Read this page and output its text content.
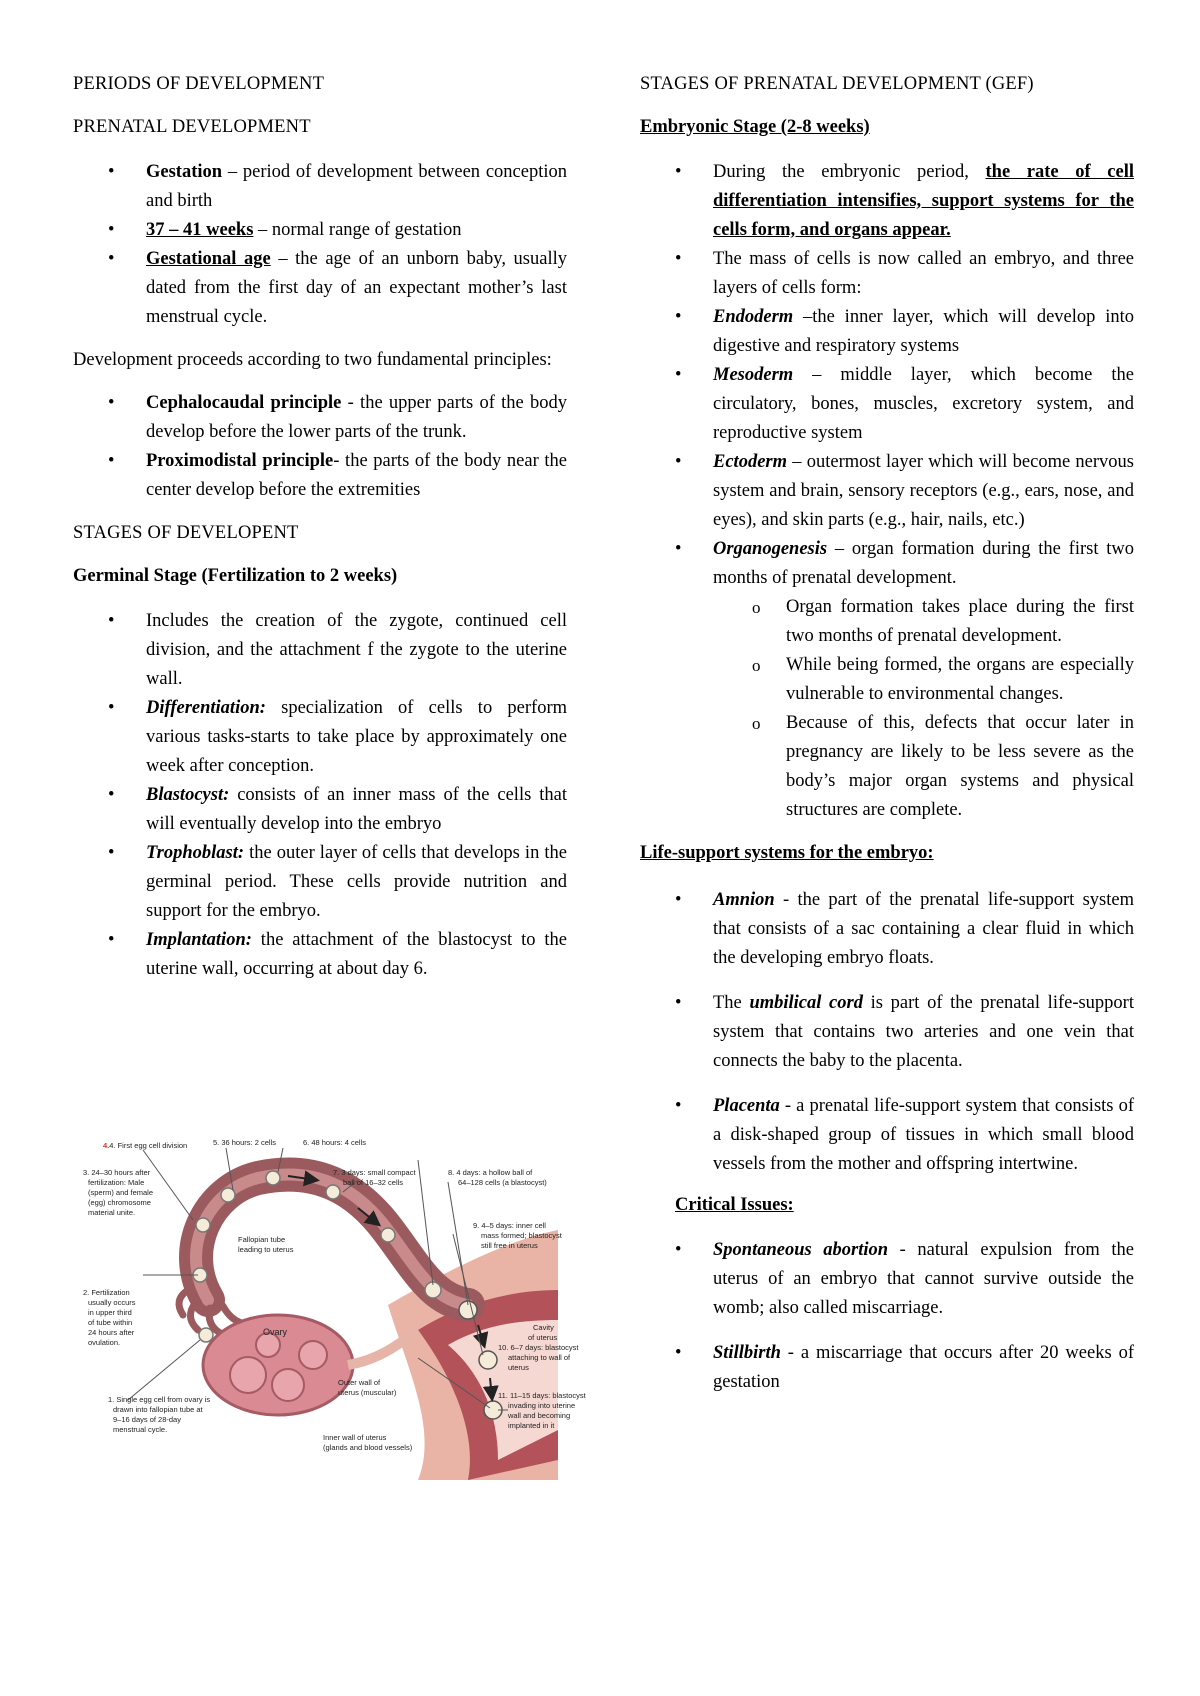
PERIODS OF DEVELOPMENT
PRENATAL DEVELOPMENT
• Gestation – period of development between conception and birth
• 37 – 41 weeks – normal range of gestation
• Gestational age – the age of an unborn baby, usually dated from the first day of an expectant mother’s last menstrual cycle.

Development proceeds according to two fundamental principles:

• Cephalocaudal principle - the upper parts of the body develop before the lower parts of the trunk.
• Proximodistal principle- the parts of the body near the center develop before the extremities
STAGES OF DEVELOPENT
Germinal Stage (Fertilization to 2 weeks)
• Includes the creation of the zygote, continued cell division, and the attachment f the zygote to the uterine wall.
• Differentiation: specialization of cells to perform various tasks-starts to take place by approximately one week after conception.
• Blastocyst: consists of an inner mass of the cells that will eventually develop into the embryo
• Trophoblast: the outer layer of cells that develops in the germinal period. These cells provide nutrition and support for the embryo.
• Implantation: the attachment of the blastocyst to the uterine wall, occurring at about day 6.
4.4. First egg cell division	5. 36 hours: 2 cells	6. 48 hours: 4 cells
3. 24–30 hours after
fertilization: Male
(sperm) and female
(egg) chromosome
material unite.
7. 3 days: small compact
ball of 16–32 cells
8. 4 days: a hollow ball of
64–128 cells (a blastocyst)
9. 4–5 days: inner cell
mass formed; blastocyst
still free in uterus
Fallopian tube
leading to uterus
2. Fertilization
usually occurs
in upper third
of tube within
24 hours after
ovulation.
Ovary	Cavity
of uterus
10. 6–7 days: blastocyst
attaching to wall of
uterus
Outer wall of
uterus (muscular)	11. 11–15 days: blastocyst
invading into uterine
wall and becoming
implanted in it
1. Single egg cell from ovary is
drawn into fallopian tube at
9–16 days of 28-day
menstrual cycle.
Inner wall of uterus
(glands and blood vessels)
STAGES OF PRENATAL DEVELOPMENT (GEF)
Embryonic Stage (2-8 weeks)
• During the embryonic period, the rate of cell differentiation intensifies, support systems for the cells form, and organs appear.
• The mass of cells is now called an embryo, and three layers of cells form:
• Endoderm –the inner layer, which will develop into digestive and respiratory systems
• Mesoderm – middle layer, which become the circulatory, bones, muscles, excretory system, and reproductive system
• Ectoderm – outermost layer which will become nervous system and brain, sensory receptors (e.g., ears, nose, and eyes), and skin parts (e.g., hair, nails, etc.)
• Organogenesis – organ formation during the first two months of prenatal development.
o Organ formation takes place during the first two months of prenatal development.
o While being formed, the organs are especially vulnerable to environmental changes.
o Because of this, defects that occur later in pregnancy are likely to be less severe as the body’s major organ systems and physical structures are complete.
Life-support systems for the embryo:
• Amnion - the part of the prenatal life-support system that consists of a sac containing a clear fluid in which the developing embryo floats.
• The umbilical cord is part of the prenatal life-support system that contains two arteries and one vein that connects the baby to the placenta.
• Placenta - a prenatal life-support system that consists of a disk-shaped group of tissues in which small blood vessels from the mother and offspring intertwine.
Critical Issues:
• Spontaneous abortion - natural expulsion from the uterus of an embryo that cannot survive outside the womb; also called miscarriage.
• Stillbirth - a miscarriage that occurs after 20 weeks of gestation
